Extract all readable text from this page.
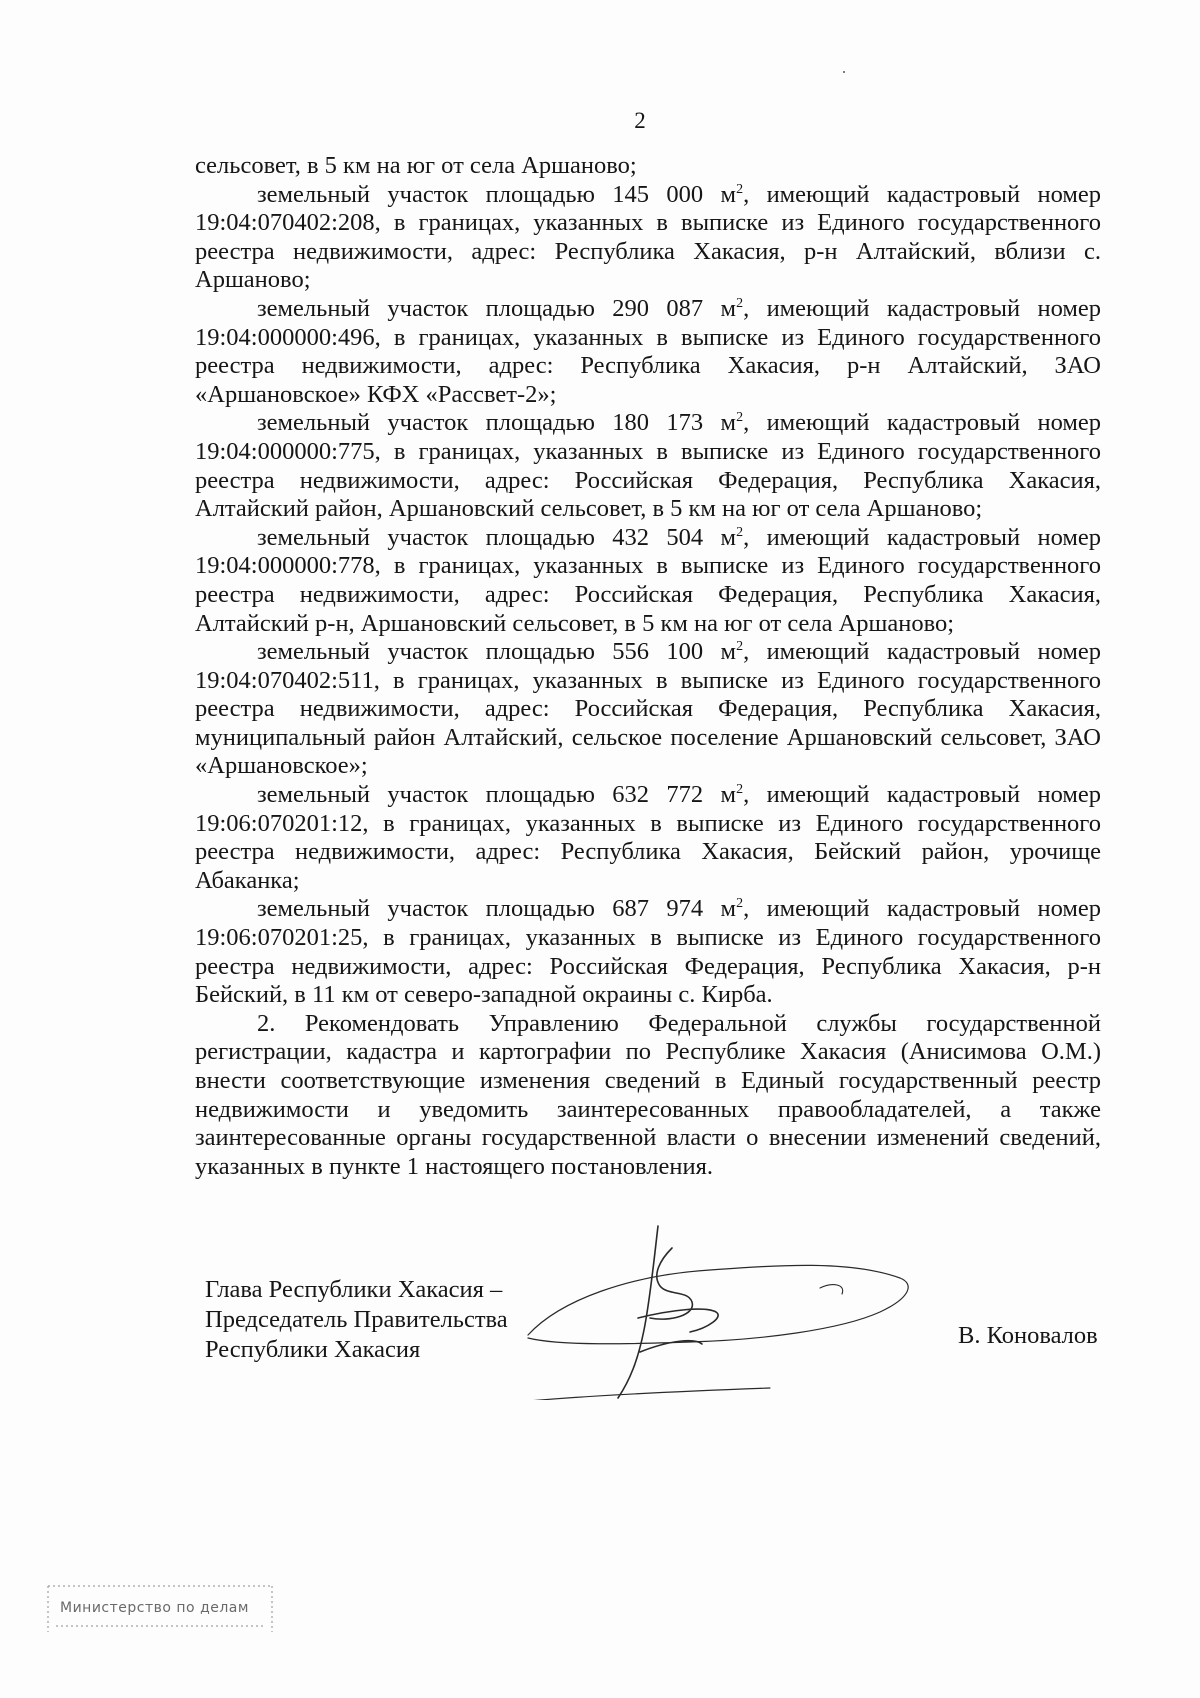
2

сельсовет, в 5 км на юг от села Аршаново;

земельный участок площадью 145 000 $м^2$, имеющий кадастровый номер 19:04:070402:208, в границах, указанных в выписке из Единого государственного реестра недвижимости, адрес: Республика Хакасия, р-н Алтайский, вблизи с. Аршаново;

земельный участок площадью 290 087 $м^2$, имеющий кадастровый номер 19:04:000000:496, в границах, указанных в выписке из Единого государственного реестра недвижимости, адрес: Республика Хакасия, р-н Алтайский, ЗАО «Аршановское» КФХ «Рассвет-2»;

земельный участок площадью 180 173 $м^2$, имеющий кадастровый номер 19:04:000000:775, в границах, указанных в выписке из Единого государственного реестра недвижимости, адрес: Российская Федерация, Республика Хакасия, Алтайский район, Аршановский сельсовет, в 5 км на юг от села Аршаново;

земельный участок площадью 432 504 $м^2$, имеющий кадастровый номер 19:04:000000:778, в границах, указанных в выписке из Единого государственного реестра недвижимости, адрес: Российская Федерация, Республика Хакасия, Алтайский р-н, Аршановский сельсовет, в 5 км на юг от села Аршаново;

земельный участок площадью 556 100 $м^2$, имеющий кадастровый номер 19:04:070402:511, в границах, указанных в выписке из Единого государственного реестра недвижимости, адрес: Российская Федерация, Республика Хакасия, муниципальный район Алтайский, сельское поселение Аршановский сельсовет, ЗАО «Аршановское»;

земельный участок площадью 632 772 $м^2$, имеющий кадастровый номер 19:06:070201:12, в границах, указанных в выписке из Единого государственного реестра недвижимости, адрес: Республика Хакасия, Бейский район, урочище Абаканка;

земельный участок площадью 687 974 $м^2$, имеющий кадастровый номер 19:06:070201:25, в границах, указанных в выписке из Единого государственного реестра недвижимости, адрес: Российская Федерация, Республика Хакасия, р-н Бейский, в 11 км от северо-западной окраины с. Кирба.

2. Рекомендовать Управлению Федеральной службы государственной регистрации, кадастра и картографии по Республике Хакасия (Анисимова О.М.) внести соответствующие изменения сведений в Единый государственный реестр недвижимости и уведомить заинтересованных правообладателей, а также заинтересованные органы государственной власти о внесении изменений сведений, указанных в пункте 1 настоящего постановления.

Глава Республики Хакасия –
Председатель Правительства
Республики Хакасия
В. Коновалов
Министерство по делам
